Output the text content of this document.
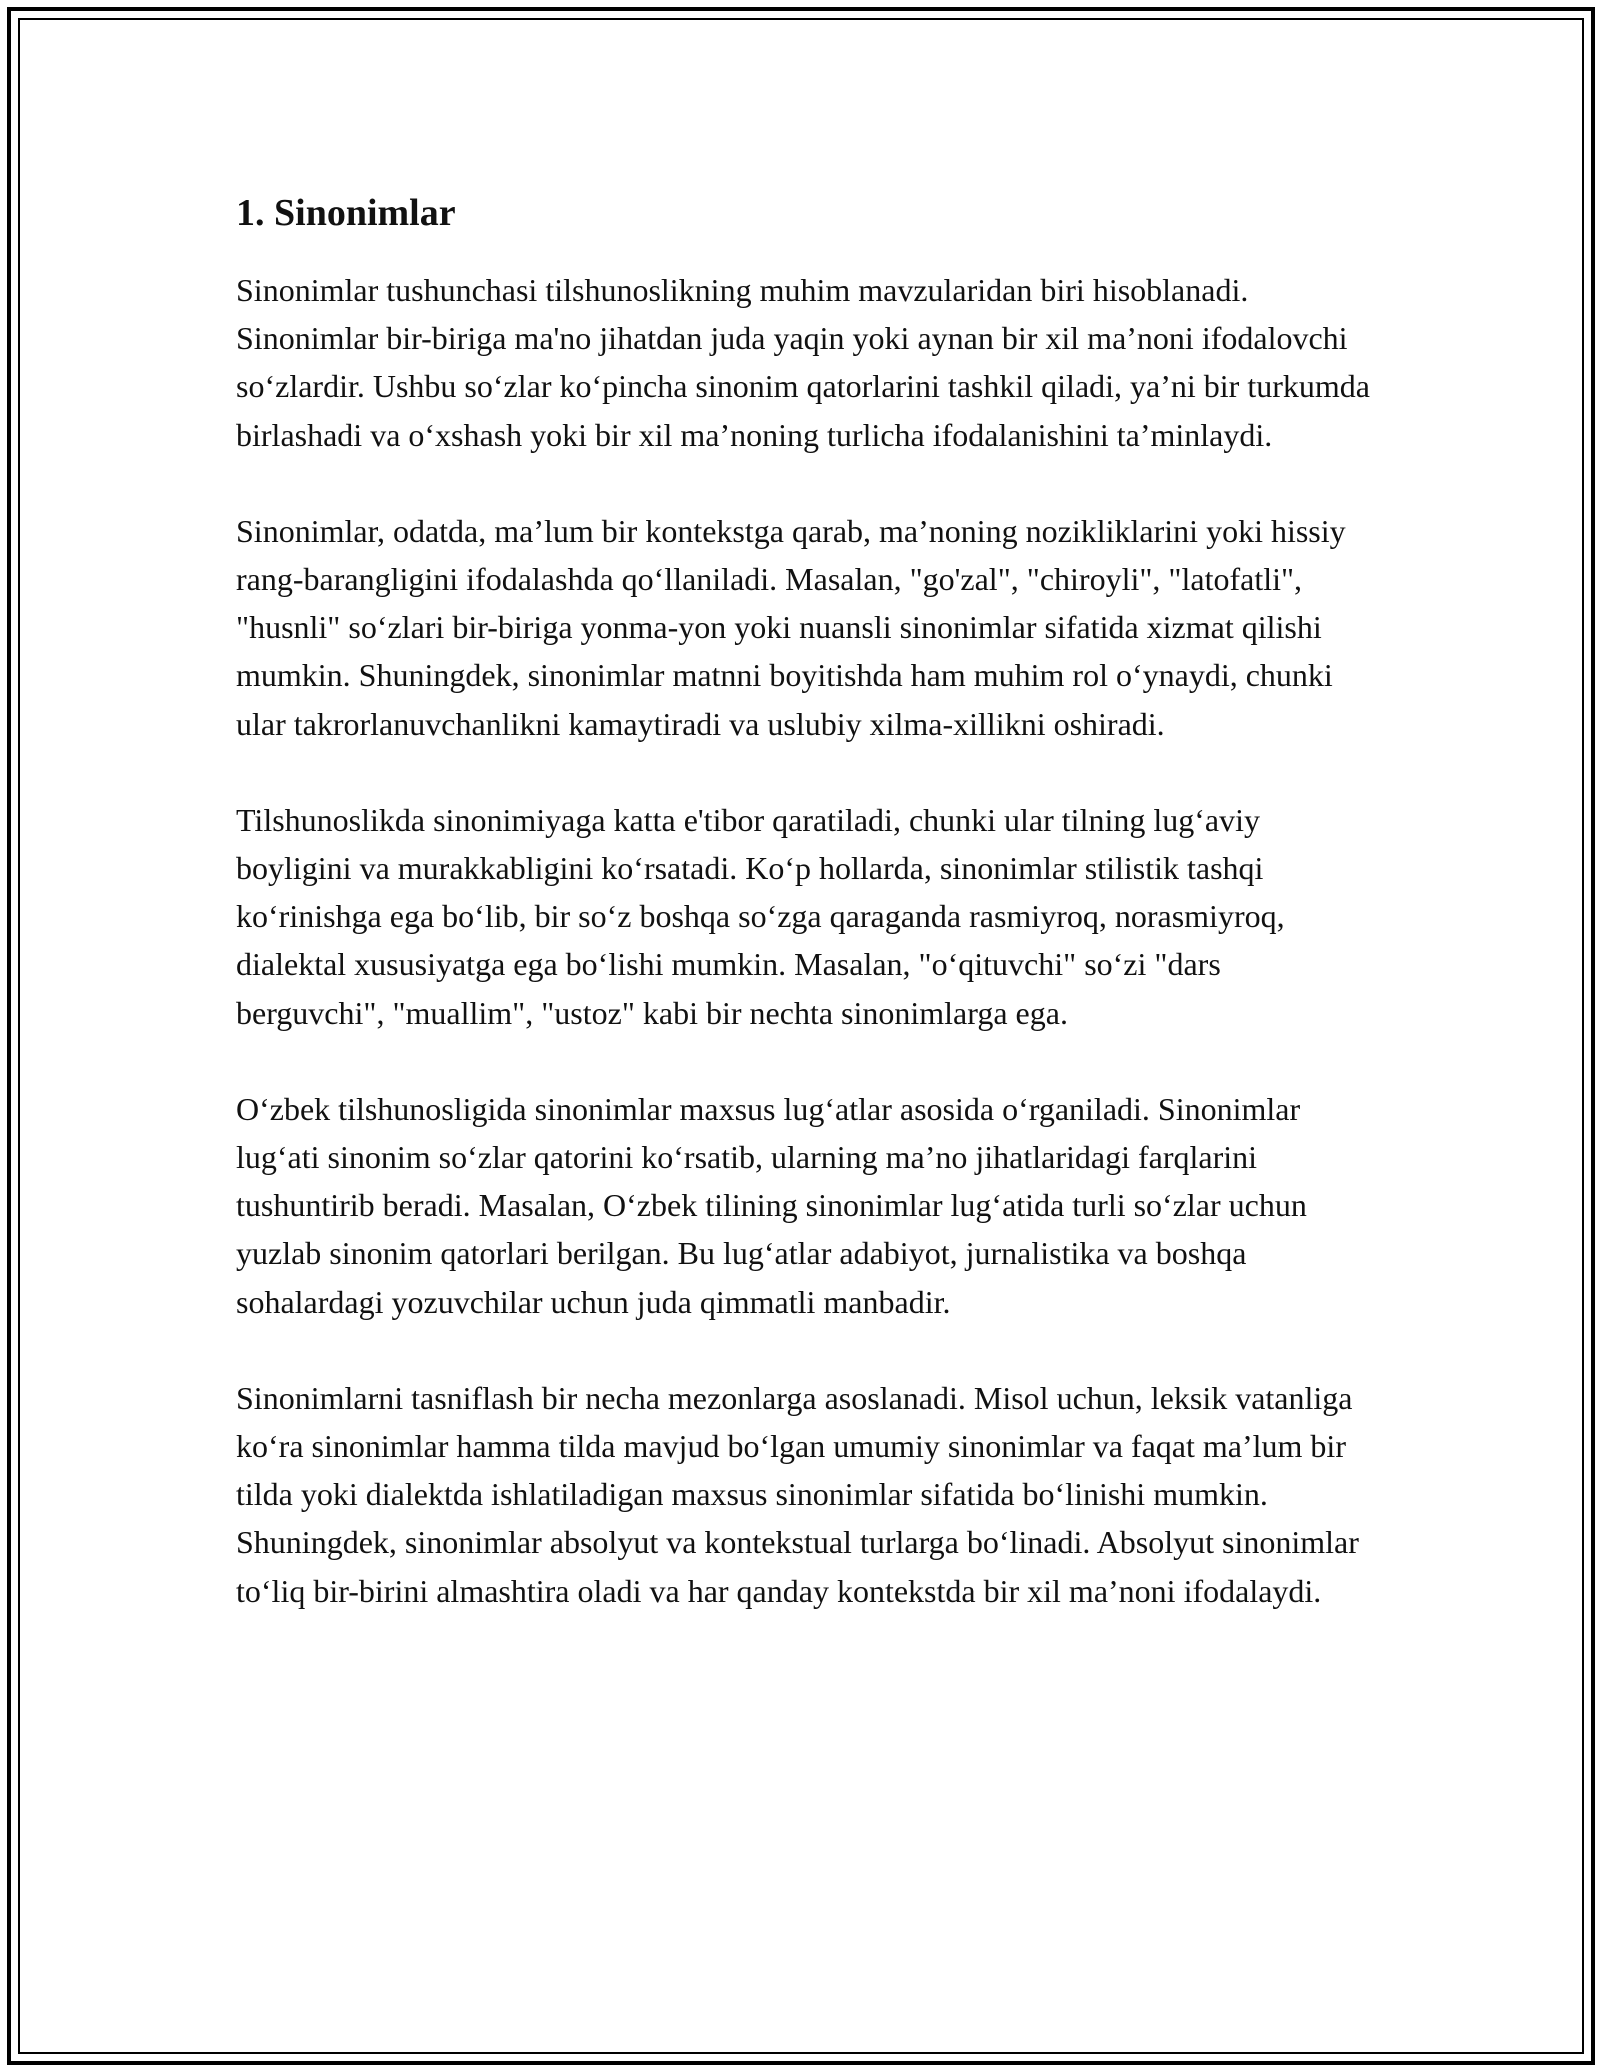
1. Sinonimlar

Sinonimlar tushunchasi tilshunoslikning muhim mavzularidan biri hisoblanadi. Sinonimlar bir-biriga ma'no jihatdan juda yaqin yoki aynan bir xil ma’noni ifodalovchi so‘zlardir. Ushbu so‘zlar ko‘pincha sinonim qatorlarini tashkil qiladi, ya’ni bir turkumda birlashadi va o‘xshash yoki bir xil ma’noning turlicha ifodalanishini ta’minlaydi.

Sinonimlar, odatda, ma’lum bir kontekstga qarab, ma’noning nozikliklarini yoki hissiy rang-barangligini ifodalashda qo‘llaniladi. Masalan, "go'zal", "chiroyli", "latofatli", "husnli" so‘zlari bir-biriga yonma-yon yoki nuansli sinonimlar sifatida xizmat qilishi mumkin. Shuningdek, sinonimlar matnni boyitishda ham muhim rol o‘ynaydi, chunki ular takrorlanuvchanlikni kamaytiradi va uslubiy xilma-xillikni oshiradi.

Tilshunoslikda sinonimiyaga katta e'tibor qaratiladi, chunki ular tilning lug‘aviy boyligini va murakkabligini ko‘rsatadi. Ko‘p hollarda, sinonimlar stilistik tashqi ko‘rinishga ega bo‘lib, bir so‘z boshqa so‘zga qaraganda rasmiyroq, norasmiyroq, dialektal xususiyatga ega bo‘lishi mumkin. Masalan, "o‘qituvchi" so‘zi "dars berguvchi", "muallim", "ustoz" kabi bir nechta sinonimlarga ega.

O‘zbek tilshunosligida sinonimlar maxsus lug‘atlar asosida o‘rganiladi. Sinonimlar lug‘ati sinonim so‘zlar qatorini ko‘rsatib, ularning ma’no jihatlaridagi farqlarini tushuntirib beradi. Masalan, O‘zbek tilining sinonimlar lug‘atida turli so‘zlar uchun yuzlab sinonim qatorlari berilgan. Bu lug‘atlar adabiyot, jurnalistika va boshqa sohalardagi yozuvchilar uchun juda qimmatli manbadir.

Sinonimlarni tasniflash bir necha mezonlarga asoslanadi. Misol uchun, leksik vatanliga ko‘ra sinonimlar hamma tilda mavjud bo‘lgan umumiy sinonimlar va faqat ma’lum bir tilda yoki dialektda ishlatiladigan maxsus sinonimlar sifatida bo‘linishi mumkin. Shuningdek, sinonimlar absolyut va kontekstual turlarga bo‘linadi. Absolyut sinonimlar to‘liq bir-birini almashtira oladi va har qanday kontekstda bir xil ma’noni ifodalaydi.
